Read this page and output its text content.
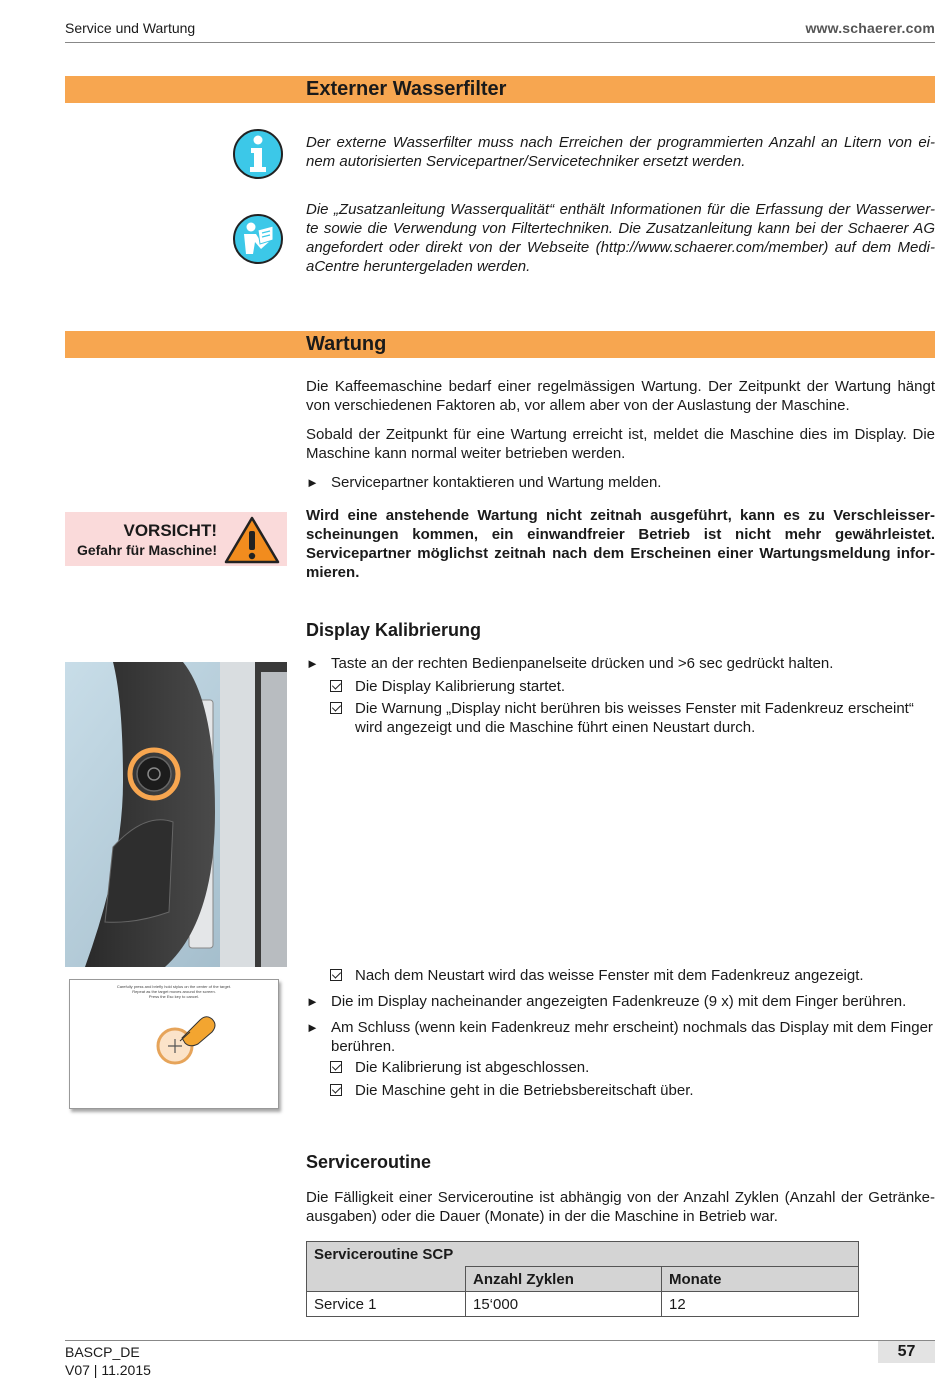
Service und Wartung	www.schaerer.com
Externer Wasserfilter
Der externe Wasserfilter muss nach Erreichen der programmierten Anzahl an Litern von ei-nem autorisierten Servicepartner/Servicetechniker ersetzt werden.
Die „Zusatzanleitung Wasserqualität“ enthält Informationen für die Erfassung der Wasserwer-te sowie die Verwendung von Filtertechniken. Die Zusatzanleitung kann bei der Schaerer AG angefordert oder direkt von der Webseite (http://www.schaerer.com/member) auf dem Medi-aCentre heruntergeladen werden.
Wartung
Die Kaffeemaschine bedarf einer regelmässigen Wartung. Der Zeitpunkt der Wartung hängt von verschiedenen Faktoren ab, vor allem aber von der Auslastung der Maschine.
Sobald der Zeitpunkt für eine Wartung erreicht ist, meldet die Maschine dies im Display. Die Maschine kann normal weiter betrieben werden.
► Servicepartner kontaktieren und Wartung melden.
VORSICHT!
Gefahr für Maschine!
Wird eine anstehende Wartung nicht zeitnah ausgeführt, kann es zu Verschleisser-scheinungen kommen, ein einwandfreier Betrieb ist nicht mehr gewährleistet. Servicepartner möglichst zeitnah nach dem Erscheinen einer Wartungsmeldung infor-mieren.
Display Kalibrierung
► Taste an der rechten Bedienpanelseite drücken und >6 sec gedrückt halten.
Die Display Kalibrierung startet.
Die Warnung „Display nicht berühren bis weisses Fenster mit Fadenkreuz erscheint“ wird angezeigt und die Maschine führt einen Neustart durch.
Carefully press and briefly hold stylus on the center of the target.
Repeat as the target moves around the screen.
Press the Esc key to cancel.
Nach dem Neustart wird das weisse Fenster mit dem Fadenkreuz angezeigt.
► Die im Display nacheinander angezeigten Fadenkreuze (9 x) mit dem Finger berühren.
► Am Schluss (wenn kein Fadenkreuz mehr erscheint) nochmals das Display mit dem Finger berühren.
Die Kalibrierung ist abgeschlossen.
Die Maschine geht in die Betriebsbereitschaft über.
Serviceroutine
Die Fälligkeit einer Serviceroutine ist abhängig von der Anzahl Zyklen (Anzahl der Getränke-ausgaben) oder die Dauer (Monate) in der die Maschine in Betrieb war.
Serviceroutine SCP		
	Anzahl Zyklen	Monate
Service 1	15‘000	12
BASCP_DE
V07 | 11.2015
57
